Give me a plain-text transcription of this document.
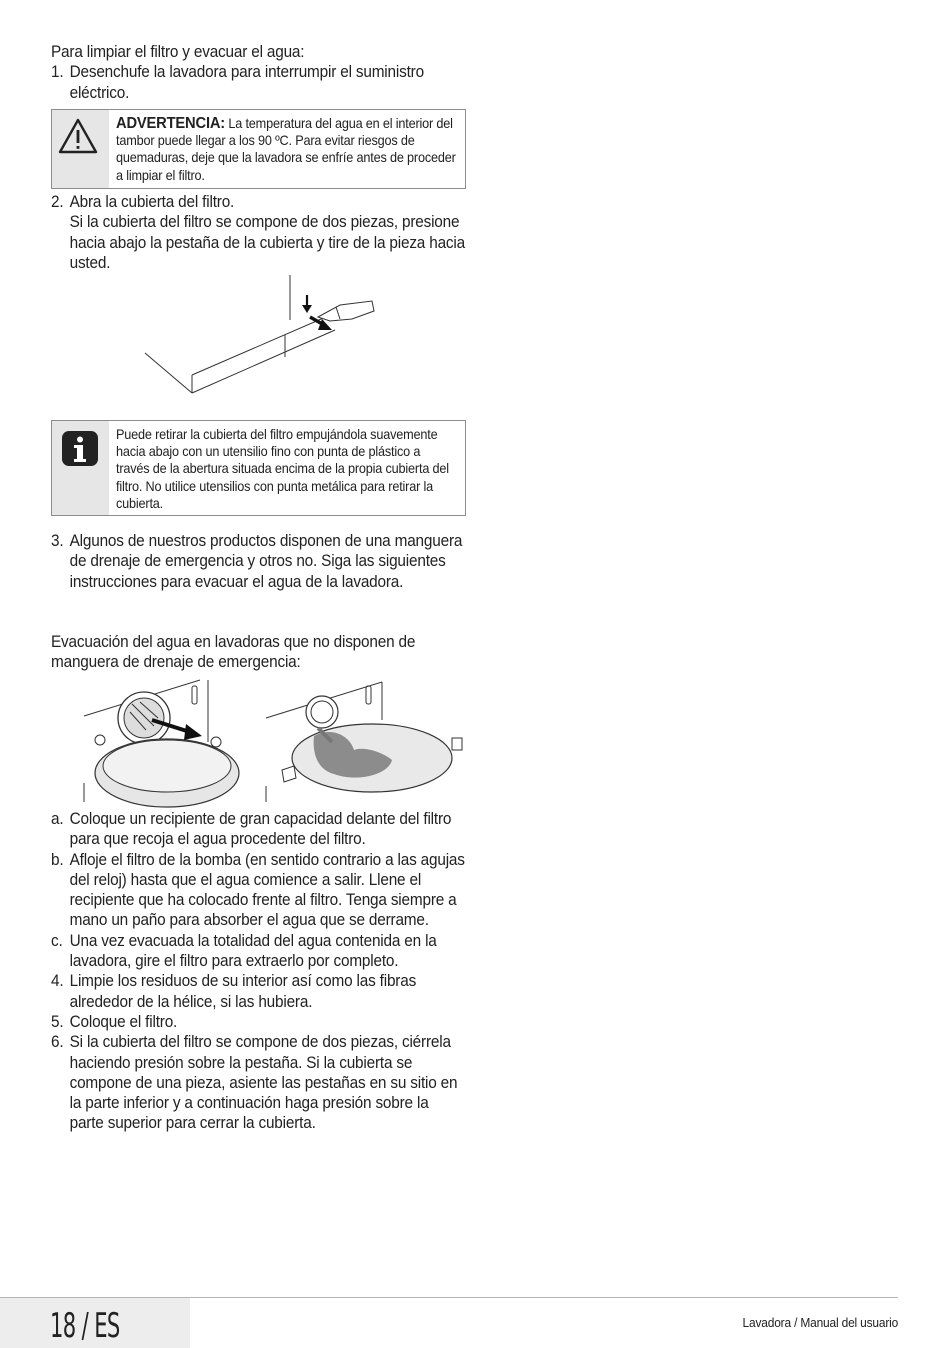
Para limpiar el filtro y evacuar el agua:
1. Desenchufe la lavadora para interrumpir el suministro eléctrico.
ADVERTENCIA: La temperatura del agua en el interior del tambor puede llegar a los 90 ºC. Para evitar riesgos de quemaduras, deje que la lavadora se enfríe antes de proceder a limpiar el filtro.
2. Abra la cubierta del filtro.
Si la cubierta del filtro se compone de dos piezas, presione hacia abajo la pestaña de la cubierta y tire de la pieza hacia usted.
Puede retirar la cubierta del filtro empujándola suavemente hacia abajo con un utensilio fino con punta de plástico a través de la abertura situada encima de la propia cubierta del filtro. No utilice utensilios con punta metálica para retirar la cubierta.
3. Algunos de nuestros productos disponen de una manguera de drenaje de emergencia y otros no. Siga las siguientes instrucciones para evacuar el agua de la lavadora.
Evacuación del agua en lavadoras que no disponen de manguera de drenaje de emergencia:
a. Coloque un recipiente de gran capacidad delante del filtro para que recoja el agua procedente del filtro.
b. Afloje el filtro de la bomba (en sentido contrario a las agujas del reloj) hasta que el agua comience a salir. Llene el recipiente que ha colocado frente al filtro. Tenga siempre a mano un paño para absorber el agua que se derrame.
c. Una vez evacuada la totalidad del agua contenida en la lavadora, gire el filtro para extraerlo por completo.
4. Limpie los residuos de su interior así como las fibras alrededor de la hélice, si las hubiera.
5. Coloque el filtro.
6. Si la cubierta del filtro se compone de dos piezas, ciérrela haciendo presión sobre la pestaña. Si la cubierta se compone de una pieza, asiente las pestañas en su sitio en la parte inferior y a continuación haga presión sobre la parte superior para cerrar la cubierta.
18 / ES	Lavadora / Manual del usuario
